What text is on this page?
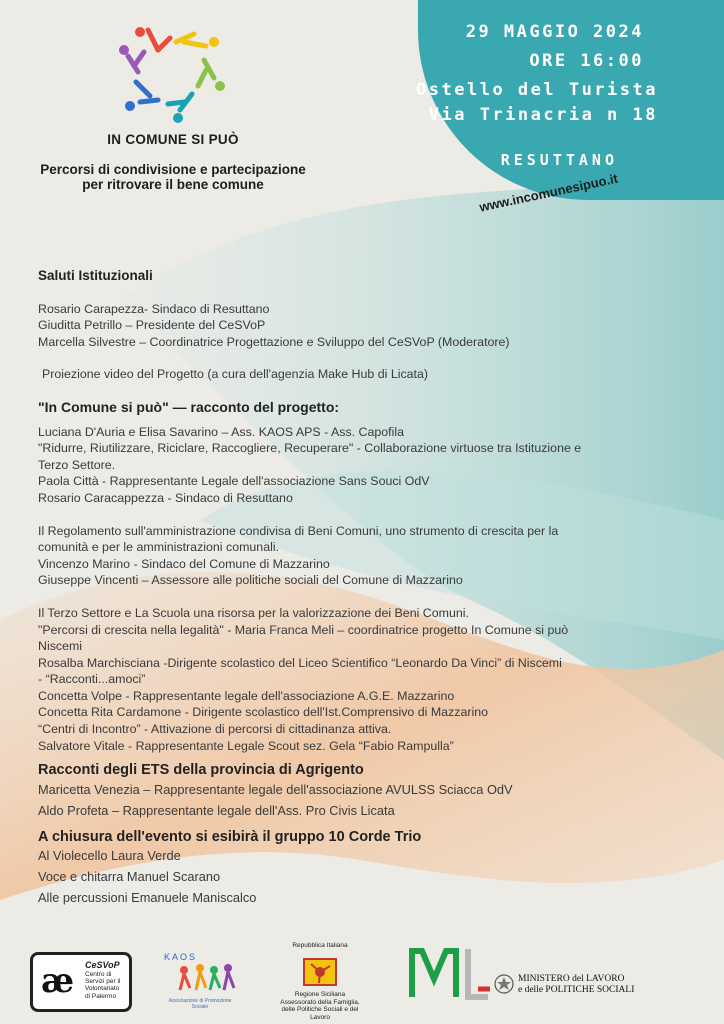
29 MAGGIO 2024
ORE 16:00
Ostello del Turista
Via Trinacria n 18
RESUTTANO
www.incomunesipuo.it
IN COMUNE SI PUÒ
Percorsi di condivisione e partecipazione
per ritrovare il bene comune
Saluti Istituzionali
Rosario Carapezza- Sindaco di Resuttano
Giuditta Petrillo – Presidente del CeSVoP
Marcella Silvestre – Coordinatrice Progettazione e Sviluppo del CeSVoP (Moderatore)
Proiezione video del Progetto (a cura dell'agenzia Make Hub di Licata)
"In Comune si può" — racconto del progetto:
Luciana D'Auria e Elisa Savarino – Ass. KAOS APS - Ass. Capofila
"Ridurre, Riutilizzare, Riciclare, Raccogliere, Recuperare" - Collaborazione virtuose tra Istituzione e
Terzo Settore.
Paola Città - Rappresentante Legale dell'associazione Sans Souci OdV
Rosario Caracappezza - Sindaco di Resuttano
Il Regolamento sull'amministrazione condivisa di Beni Comuni, uno strumento di crescita per la
comunità e per le amministrazioni comunali.
Vincenzo Marino - Sindaco del Comune di Mazzarino
Giuseppe Vincenti – Assessore alle politiche sociali del Comune di Mazzarino
Il Terzo Settore e La Scuola una risorsa per la valorizzazione dei Beni Comuni.
"Percorsi di crescita nella legalità" - Maria Franca Meli – coordinatrice progetto In Comune si può
Niscemi
Rosalba Marchisciana -Dirigente scolastico del Liceo Scientifico “Leonardo Da Vinci” di Niscemi
- “Racconti...amoci”
Concetta Volpe - Rappresentante legale dell'associazione A.G.E. Mazzarino
Concetta Rita Cardamone - Dirigente scolastico dell'Ist.Comprensivo di Mazzarino
“Centri di Incontro” - Attivazione di percorsi di cittadinanza attiva.
Salvatore Vitale - Rappresentante Legale Scout sez. Gela “Fabio Rampulla”
Racconti degli ETS della provincia di Agrigento
Maricetta Venezia – Rappresentante legale dell'associazione AVULSS Sciacca OdV
Aldo Profeta – Rappresentante legale dell'Ass. Pro Civis Licata
A chiusura dell'evento si esibirà il gruppo 10 Corde Trio
Al Violecello Laura Verde
Voce e chitarra Manuel Scarano
Alle percussioni Emanuele Maniscalco
æ CeSVoP
Centro di
Servizi per il
Volontariato
di Palermo
KAOS
Associazione di Promozione Sociale
Repubblica Italiana
Regione Siciliana
Assessorato della Famiglia,
delle Politiche Sociali e del
Lavoro
MINISTERO del LAVORO
e delle POLITICHE SOCIALI
